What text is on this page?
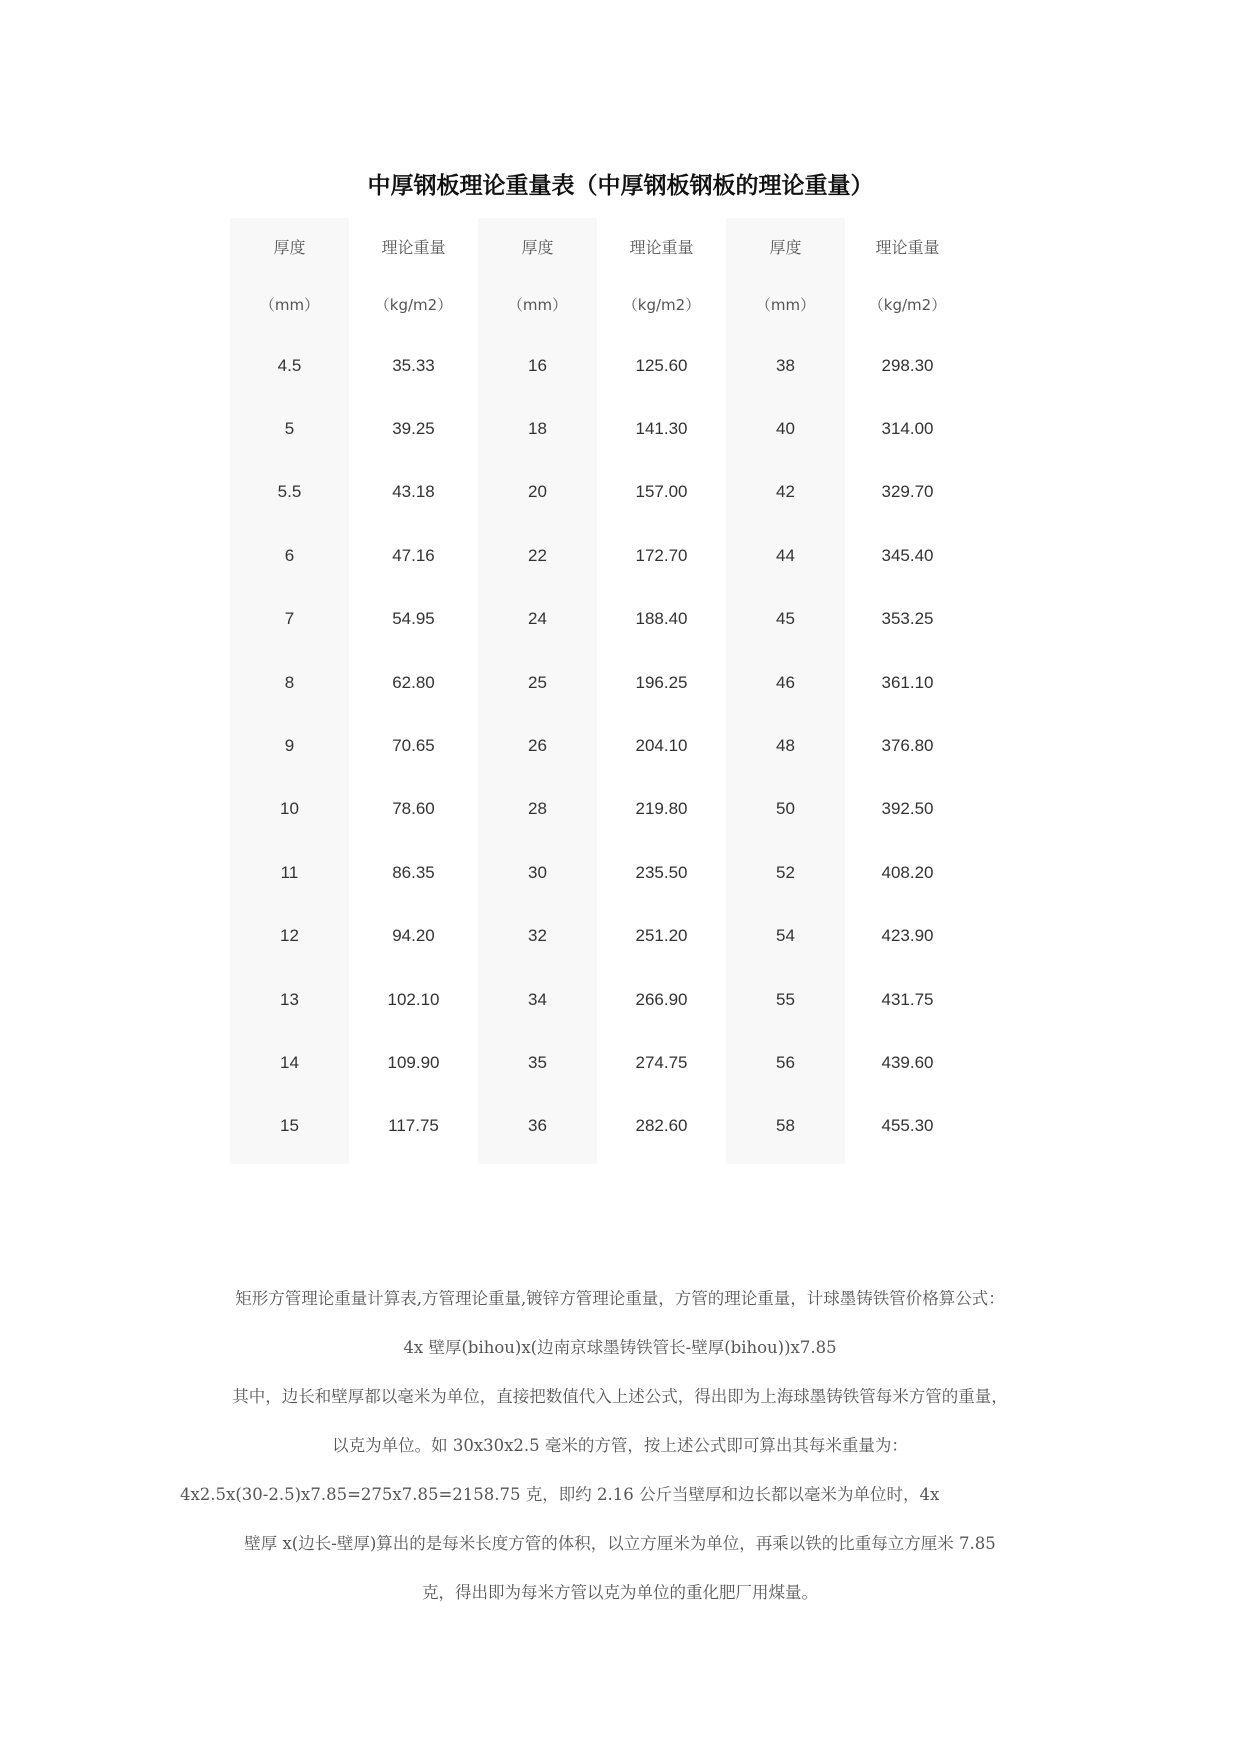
中厚钢板理论重量表（中厚钢板钢板的理论重量）
厚度	理论重量	厚度	理论重量	厚度	理论重量
（mm）	（kg/m2）	（mm）	（kg/m2）	（mm）	（kg/m2）
4.5	35.33	16	125.60	38	298.30
5	39.25	18	141.30	40	314.00
5.5	43.18	20	157.00	42	329.70
6	47.16	22	172.70	44	345.40
7	54.95	24	188.40	45	353.25
8	62.80	25	196.25	46	361.10
9	70.65	26	204.10	48	376.80
10	78.60	28	219.80	50	392.50
11	86.35	30	235.50	52	408.20
12	94.20	32	251.20	54	423.90
13	102.10	34	266.90	55	431.75
14	109.90	35	274.75	56	439.60
15	117.75	36	282.60	58	455.30
矩形方管理论重量计算表,方管理论重量,镀锌方管理论重量，方管的理论重量，计球墨铸铁管价格算公式：
4x 壁厚(bihou)x(边南京球墨铸铁管长-壁厚(bihou))x7.85
其中，边长和壁厚都以毫米为单位，直接把数值代入上述公式，得出即为上海球墨铸铁管每米方管的重量，
以克为单位。如 30x30x2.5 毫米的方管，按上述公式即可算出其每米重量为：
4x2.5x(30-2.5)x7.85=275x7.85=2158.75 克，即约 2.16 公斤当壁厚和边长都以毫米为单位时，4x
壁厚 x(边长-壁厚)算出的是每米长度方管的体积，以立方厘米为单位，再乘以铁的比重每立方厘米 7.85
克，得出即为每米方管以克为单位的重化肥厂用煤量。
